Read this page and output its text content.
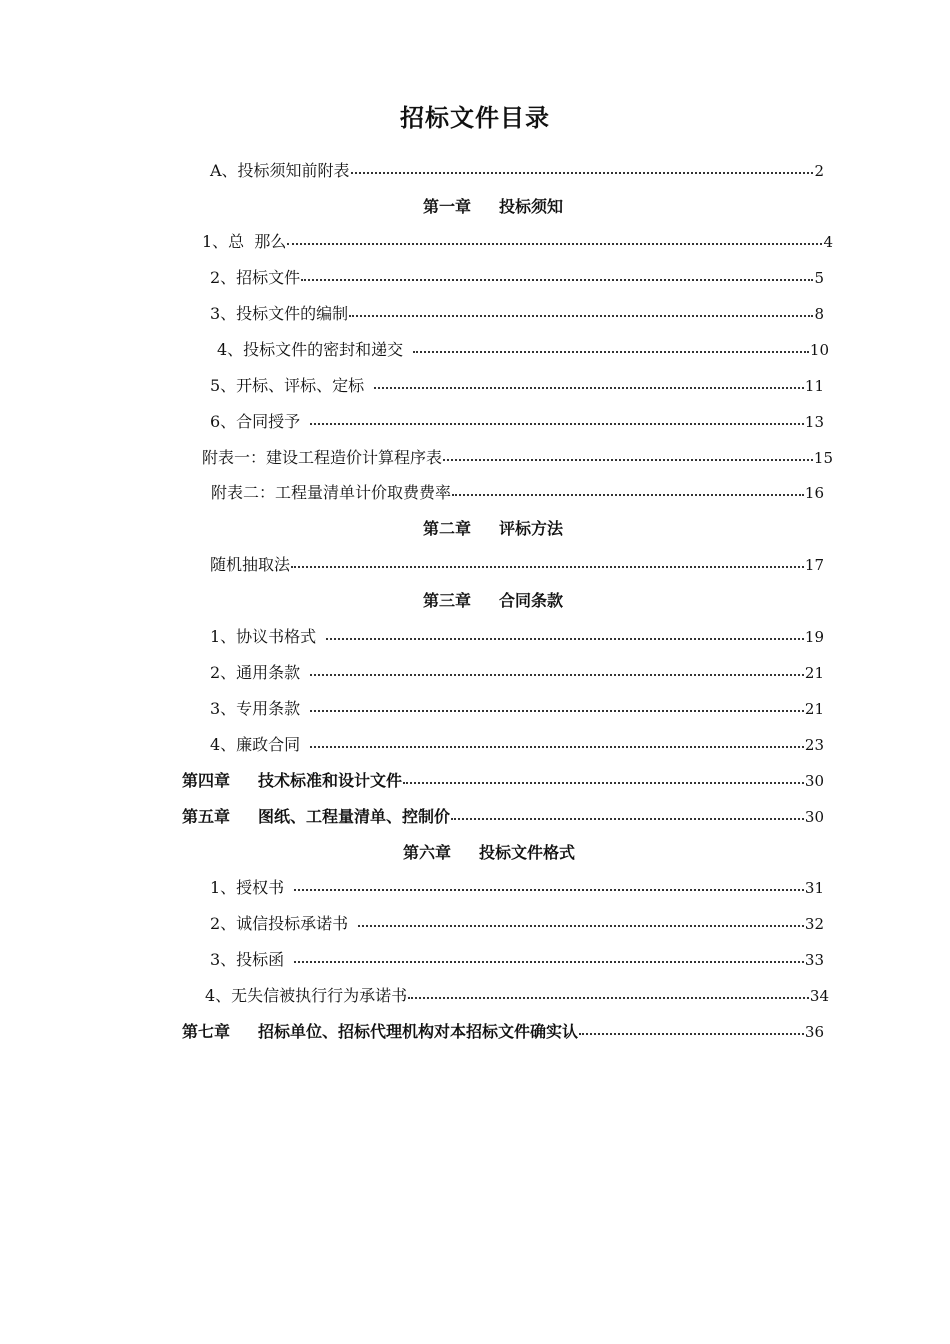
招标文件目录
A、投标须知前附表	2
第一章 投标须知
1、总  那么	4
2、招标文件	5
3、投标文件的编制	8
4、投标文件的密封和递交	10
5、开标、评标、定标	11
6、合同授予	13
附表一：建设工程造价计算程序表	15
附表二：工程量清单计价取费费率	16
第二章 评标方法
随机抽取法	17
第三章 合同条款
1、协议书格式	19
2、通用条款	21
3、专用条款	21
4、廉政合同	23
第四章 技术标准和设计文件	30
第五章 图纸、工程量清单、控制价	30
第六章 投标文件格式
1、授权书	31
2、诚信投标承诺书	32
3、投标函	33
4、无失信被执行行为承诺书	34
第七章 招标单位、招标代理机构对本招标文件确实认	36
